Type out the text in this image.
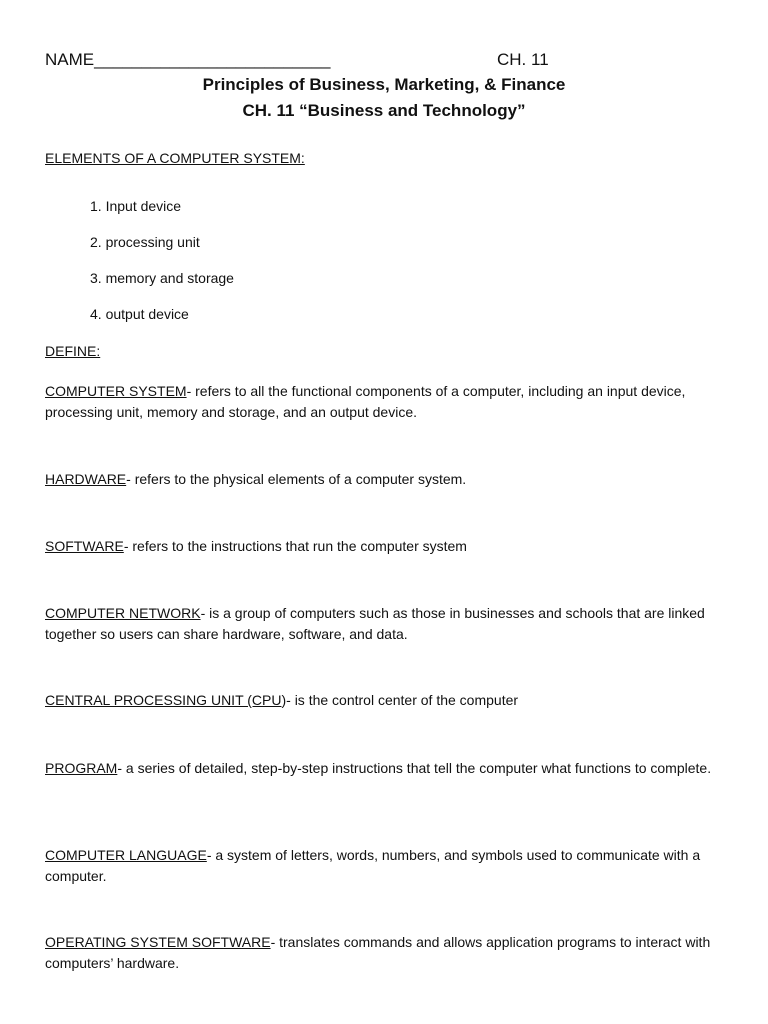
NAME_________________________	CH. 11
Principles of Business, Marketing, & Finance
CH. 11 “Business and Technology”
ELEMENTS OF A COMPUTER SYSTEM:
1. Input device
2. processing unit
3. memory and storage
4. output device
DEFINE:
COMPUTER SYSTEM- refers to all the functional components of a computer, including an input device, processing unit, memory and storage, and an output device.
HARDWARE- refers to the physical elements of a computer system.
SOFTWARE- refers to the instructions that run the computer system
COMPUTER NETWORK- is a group of computers such as those in businesses and schools that are linked together so users can share hardware, software, and data.
CENTRAL PROCESSING UNIT (CPU)- is the control center of the computer
PROGRAM- a series of detailed, step-by-step instructions that tell the computer what functions to complete.
COMPUTER LANGUAGE- a system of letters, words, numbers, and symbols used to communicate with a computer.
OPERATING SYSTEM SOFTWARE- translates commands and allows application programs to interact with computers’ hardware.
